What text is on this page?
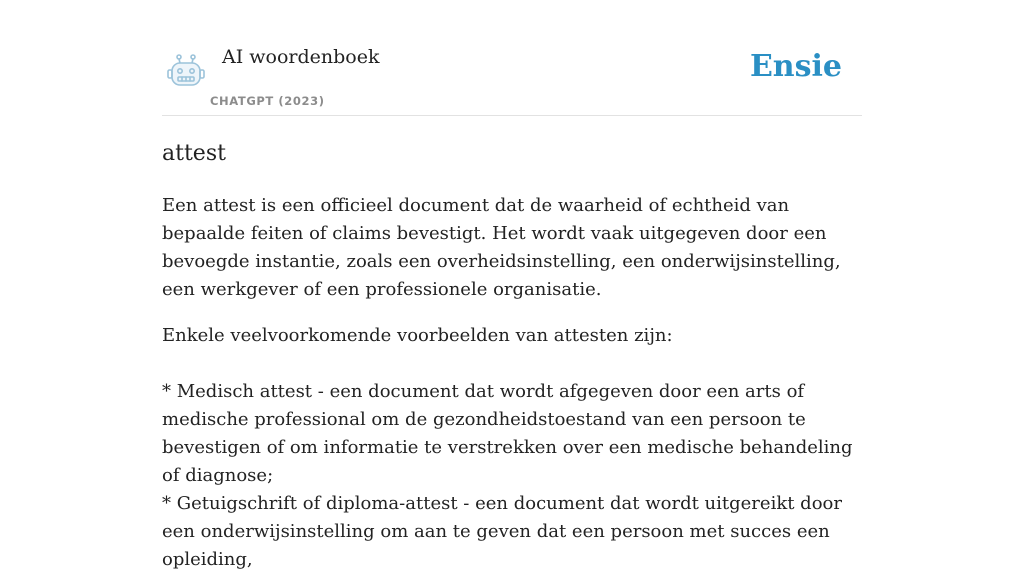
AI woordenboek
CHATGPT (2023)
Ensie
attest

Een attest is een officieel document dat de waarheid of echtheid van bepaalde feiten of claims bevestigt. Het wordt vaak uitgegeven door een bevoegde instantie, zoals een overheidsinstelling, een onderwijsinstelling, een werkgever of een professionele organisatie.

Enkele veelvoorkomende voorbeelden van attesten zijn:

* Medisch attest - een document dat wordt afgegeven door een arts of medische professional om de gezondheidstoestand van een persoon te bevestigen of om informatie te verstrekken over een medische behandeling of diagnose;
* Getuigschrift of diploma-attest - een document dat wordt uitgereikt door een onderwijsinstelling om aan te geven dat een persoon met succes een opleiding,
